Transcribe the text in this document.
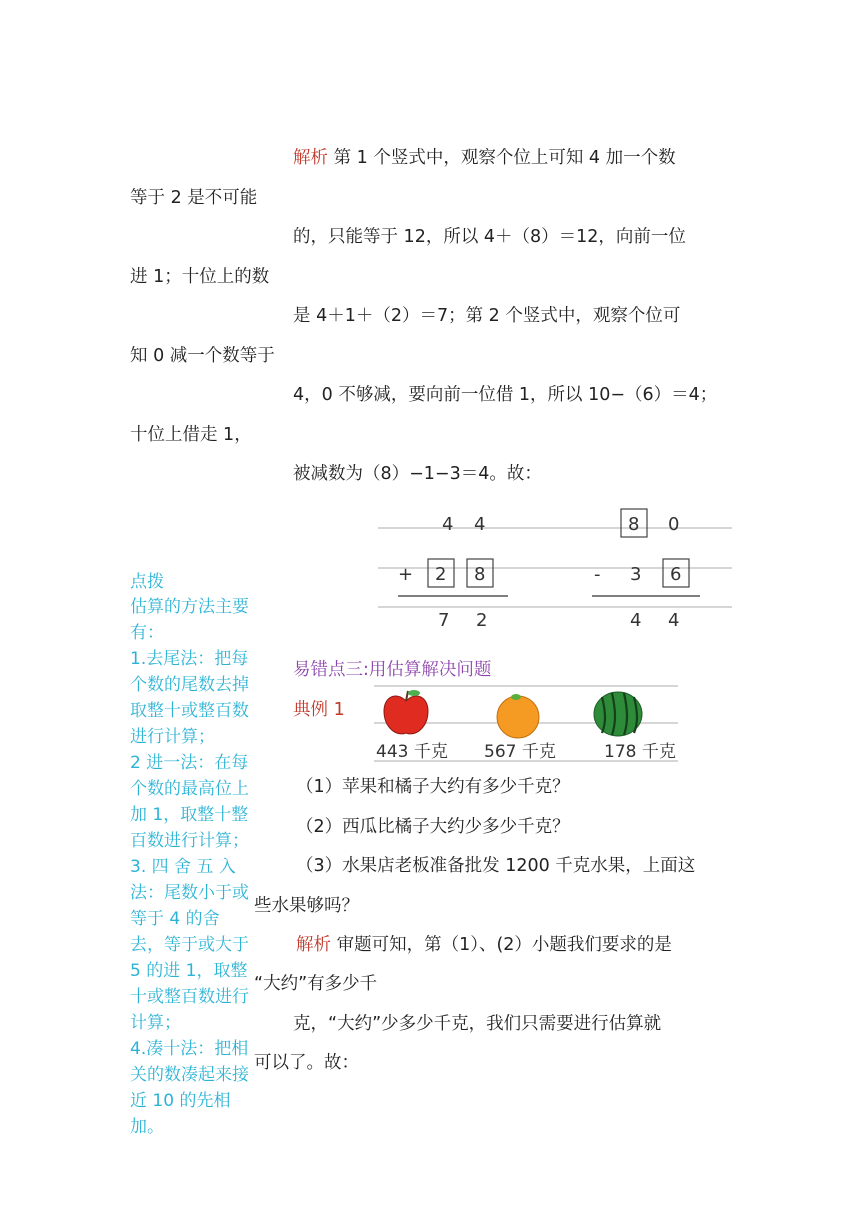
解析 第 1 个竖式中，观察个位上可知 4 加一个数
等于 2 是不可能
的，只能等于 12，所以 4＋（8）＝12，向前一位
进 1；十位上的数
是 4＋1＋（2）＝7；第 2 个竖式中，观察个位可
知 0 减一个数等于
4，0 不够减，要向前一位借 1，所以 10−（6）＝4；
十位上借走 1，
被减数为（8）−1−3＝4。故：
4 4
+ 2 8
7 2
8 0
- 3 6
4 4
点拨

估算的方法主要有：

1.去尾法：把每个数的尾数去掉取整十或整百数进行计算；

2 进一法：在每个数的最高位上加 1，取整十整百数进行计算；

3. 四 舍 五 入 法：尾数小于或等于 4 的舍去，等于或大于 5 的进 1，取整十或整百数进行计算；

4.凑十法：把相关的数凑起来接近 10 的先相加。

易错点三:用估算解决问题
典例 1
443 千克 567 千克	178 千克
（1）苹果和橘子大约有多少千克？
（2）西瓜比橘子大约少多少千克？
（3）水果店老板准备批发 1200 千克水果，上面这
些水果够吗？
解析 审题可知，第（1）、(2）小题我们要求的是
“大约”有多少千
克，“大约”少多少千克，我们只需要进行估算就
可以了。故：
